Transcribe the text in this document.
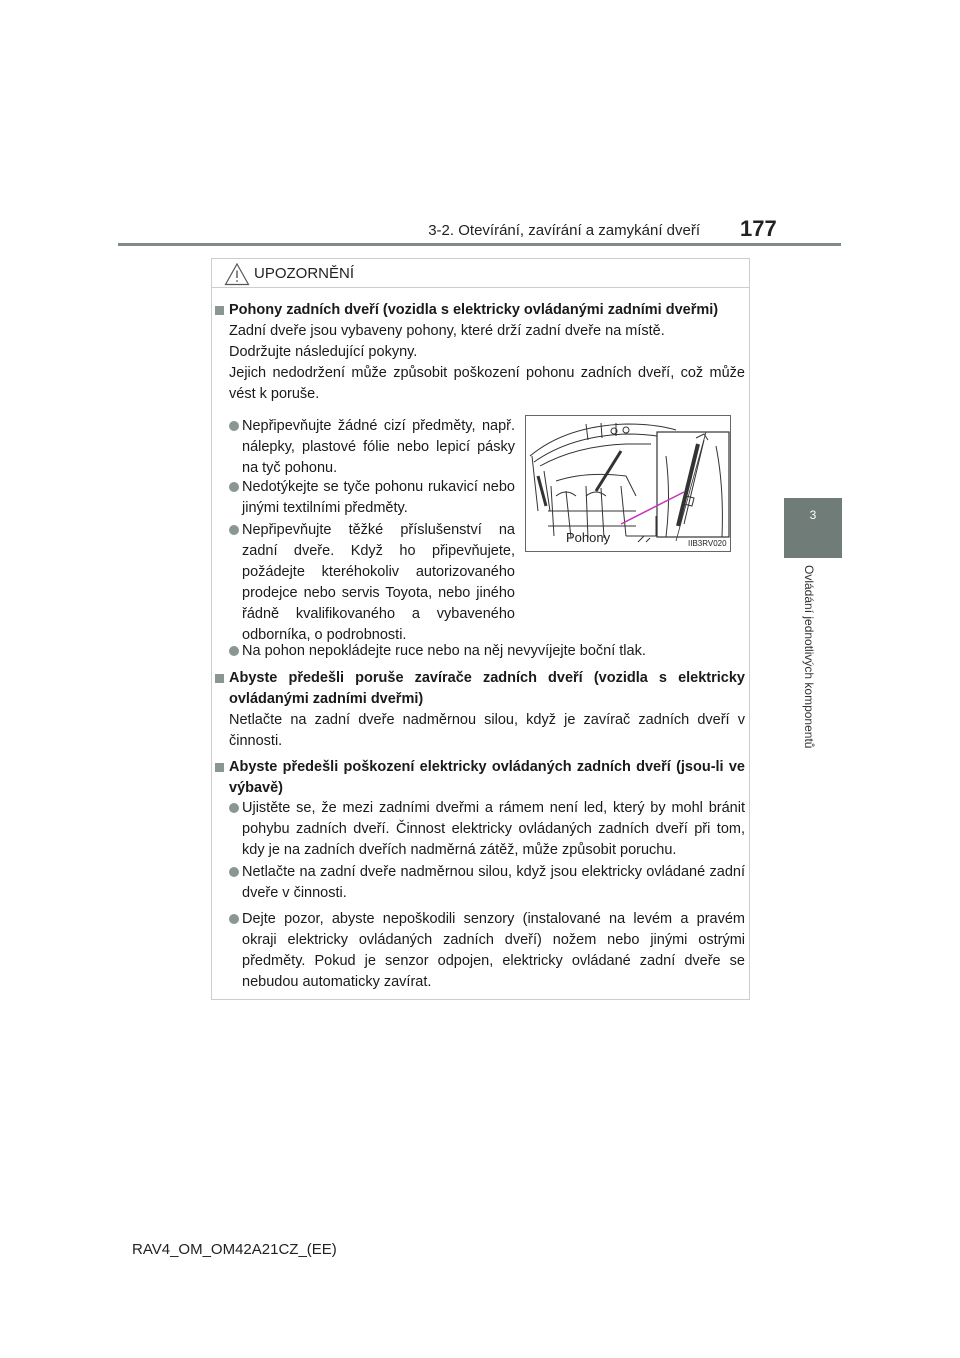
3-2. Otevírání, zavírání a zamykání dveří 177
3
Ovládání jednotlivých komponentů
UPOZORNĚNÍ
Pohony zadních dveří (vozidla s elektricky ovládanými zadními dveřmi)
Zadní dveře jsou vybaveny pohony, které drží zadní dveře na místě.
Dodržujte následující pokyny.
Jejich nedodržení může způsobit poškození pohonu zadních dveří, což může vést k poruše.
Nepřipevňujte žádné cizí předměty, např. nálepky, plastové fólie nebo lepicí pásky na tyč pohonu.
Nedotýkejte se tyče pohonu rukavicí nebo jinými textilními předměty.
Nepřipevňujte těžké příslušenství na zadní dveře. Když ho připevňujete, požádejte kteréhokoliv autorizovaného prodejce nebo servis Toyota, nebo jiného řádně kvalifikovaného a vybaveného odborníka, o podrobnosti.
Na pohon nepokládejte ruce nebo na něj nevyvíjejte boční tlak.
Pohony	IIB3RV020
Abyste předešli poruše zavírače zadních dveří (vozidla s elektricky ovládanými zadními dveřmi)
Netlačte na zadní dveře nadměrnou silou, když je zavírač zadních dveří v činnosti.
Abyste předešli poškození elektricky ovládaných zadních dveří (jsou-li ve výbavě)
Ujistěte se, že mezi zadními dveřmi a rámem není led, který by mohl bránit pohybu zadních dveří. Činnost elektricky ovládaných zadních dveří při tom, kdy je na zadních dveřích nadměrná zátěž, může způsobit poruchu.
Netlačte na zadní dveře nadměrnou silou, když jsou elektricky ovládané zadní dveře v činnosti.
Dejte pozor, abyste nepoškodili senzory (instalované na levém a pravém okraji elektricky ovládaných zadních dveří) nožem nebo jinými ostrými předměty. Pokud je senzor odpojen, elektricky ovládané zadní dveře se nebudou automaticky zavírat.
RAV4_OM_OM42A21CZ_(EE)
